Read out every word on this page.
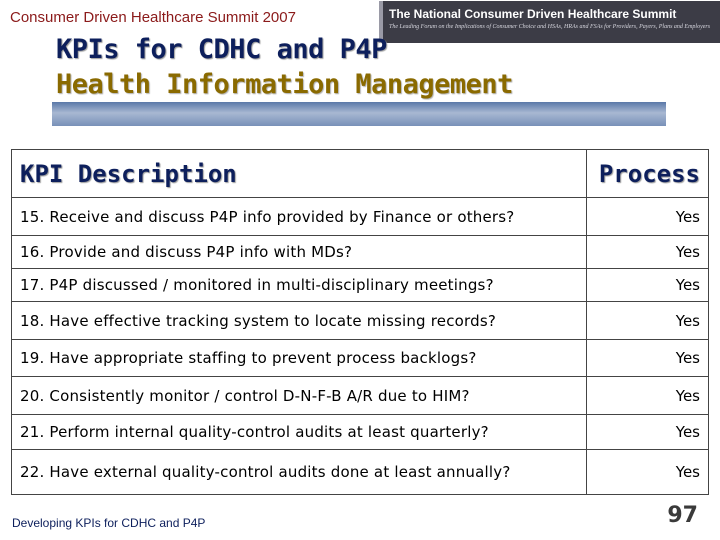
Consumer Driven Healthcare Summit 2007	The National Consumer Driven Healthcare Summit
The Leading Forum on the Implications of Consumer Choice and HSAs, HRAs and FSAs for Providers, Payers, Plans and Employers
KPIs for CDHC and P4P
Health Information Management
KPI Description	Process
15. Receive and discuss P4P info provided by Finance or others?	Yes
16. Provide and discuss P4P info with MDs?	Yes
17. P4P discussed / monitored in multi-disciplinary meetings?	Yes
18. Have effective tracking system to locate missing records?	Yes
19. Have appropriate staffing to prevent process backlogs?	Yes
20. Consistently monitor / control D-N-F-B A/R due to HIM?	Yes
21. Perform internal quality-control audits at least quarterly?	Yes
22. Have external quality-control audits done at least annually?	Yes
Developing KPIs for CDHC and P4P	97
